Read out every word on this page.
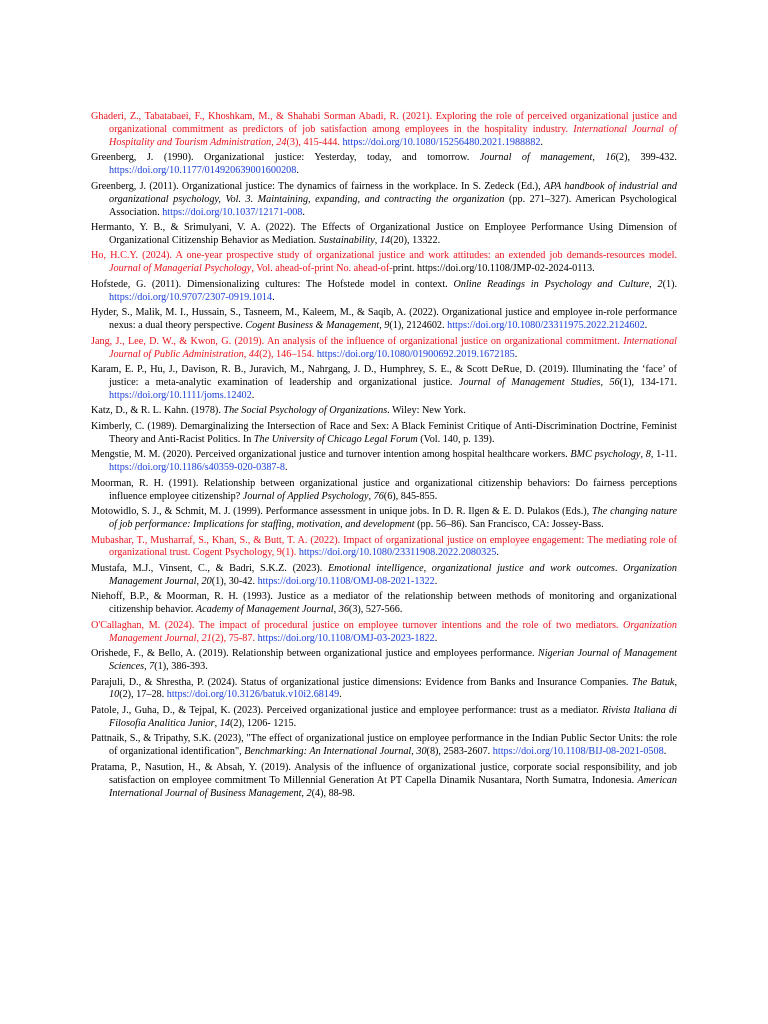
Ghaderi, Z., Tabatabaei, F., Khoshkam, M., & Shahabi Sorman Abadi, R. (2021). Exploring the role of perceived organizational justice and organizational commitment as predictors of job satisfaction among employees in the hospitality industry. International Journal of Hospitality and Tourism Administration, 24(3), 415-444. https://doi.org/10.1080/15256480.2021.1988882.

Greenberg, J. (1990). Organizational justice: Yesterday, today, and tomorrow. Journal of management, 16(2), 399-432. https://doi.org/10.1177/014920639001600208.

Greenberg, J. (2011). Organizational justice: The dynamics of fairness in the workplace. In S. Zedeck (Ed.), APA handbook of industrial and organizational psychology, Vol. 3. Maintaining, expanding, and contracting the organization (pp. 271–327). American Psychological Association. https://doi.org/10.1037/12171-008.

Hermanto, Y. B., & Srimulyani, V. A. (2022). The Effects of Organizational Justice on Employee Performance Using Dimension of Organizational Citizenship Behavior as Mediation. Sustainability, 14(20), 13322.

Ho, H.C.Y. (2024). A one-year prospective study of organizational justice and work attitudes: an extended job demands-resources model. Journal of Managerial Psychology, Vol. ahead-of-print No. ahead-of-print. https://doi.org/10.1108/JMP-02-2024-0113.

Hofstede, G. (2011). Dimensionalizing cultures: The Hofstede model in context. Online Readings in Psychology and Culture, 2(1). https://doi.org/10.9707/2307-0919.1014.

Hyder, S., Malik, M. I., Hussain, S., Tasneem, M., Kaleem, M., & Saqib, A. (2022). Organizational justice and employee in-role performance nexus: a dual theory perspective. Cogent Business & Management, 9(1), 2124602. https://doi.org/10.1080/23311975.2022.2124602.

Jang, J., Lee, D. W., & Kwon, G. (2019). An analysis of the influence of organizational justice on organizational commitment. International Journal of Public Administration, 44(2), 146–154. https://doi.org/10.1080/01900692.2019.1672185.

Karam, E. P., Hu, J., Davison, R. B., Juravich, M., Nahrgang, J. D., Humphrey, S. E., & Scott DeRue, D. (2019). Illuminating the ‘face’ of justice: a meta‐analytic examination of leadership and organizational justice. Journal of Management Studies, 56(1), 134-171. https://doi.org/10.1111/joms.12402.

Katz, D., & R. L. Kahn. (1978). The Social Psychology of Organizations. Wiley: New York.

Kimberly, C. (1989). Demarginalizing the Intersection of Race and Sex: A Black Feminist Critique of Anti-Discrimination Doctrine, Feminist Theory and Anti-Racist Politics. In The University of Chicago Legal Forum (Vol. 140, p. 139).

Mengstie, M. M. (2020). Perceived organizational justice and turnover intention among hospital healthcare workers. BMC psychology, 8, 1-11. https://doi.org/10.1186/s40359-020-0387-8.

Moorman, R. H. (1991). Relationship between organizational justice and organizational citizenship behaviors: Do fairness perceptions influence employee citizenship? Journal of Applied Psychology, 76(6), 845-855.

Motowidlo, S. J., & Schmit, M. J. (1999). Performance assessment in unique jobs. In D. R. Ilgen & E. D. Pulakos (Eds.), The changing nature of job performance: Implications for staffing, motivation, and development (pp. 56–86). San Francisco, CA: Jossey-Bass.

Mubashar, T., Musharraf, S., Khan, S., & Butt, T. A. (2022). Impact of organizational justice on employee engagement: The mediating role of organizational trust. Cogent Psychology, 9(1). https://doi.org/10.1080/23311908.2022.2080325.

Mustafa, M.J., Vinsent, C., & Badri, S.K.Z. (2023). Emotional intelligence, organizational justice and work outcomes. Organization Management Journal, 20(1), 30-42. https://doi.org/10.1108/OMJ-08-2021-1322.

Niehoff, B.P., & Moorman, R. H. (1993). Justice as a mediator of the relationship between methods of monitoring and organizational citizenship behavior. Academy of Management Journal, 36(3), 527-566.

O'Callaghan, M. (2024). The impact of procedural justice on employee turnover intentions and the role of two mediators. Organization Management Journal, 21(2), 75-87. https://doi.org/10.1108/OMJ-03-2023-1822.

Orishede, F., & Bello, A. (2019). Relationship between organizational justice and employees performance. Nigerian Journal of Management Sciences, 7(1), 386-393.

Parajuli, D., & Shrestha, P. (2024). Status of organizational justice dimensions: Evidence from Banks and Insurance Companies. The Batuk, 10(2), 17–28. https://doi.org/10.3126/batuk.v10i2.68149.

Patole, J., Guha, D., & Tejpal, K. (2023). Perceived organizational justice and employee performance: trust as a mediator. Rivista Italiana di Filosofia Analitica Junior, 14(2), 1206- 1215.

Pattnaik, S., & Tripathy, S.K. (2023), "The effect of organizational justice on employee performance in the Indian Public Sector Units: the role of organizational identification", Benchmarking: An International Journal, 30(8), 2583-2607. https://doi.org/10.1108/BIJ-08-2021-0508.

Pratama, P., Nasution, H., & Absah, Y. (2019). Analysis of the influence of organizational justice, corporate social responsibility, and job satisfaction on employee commitment To Millennial Generation At PT Capella Dinamik Nusantara, North Sumatra, Indonesia. American International Journal of Business Management, 2(4), 88-98.
